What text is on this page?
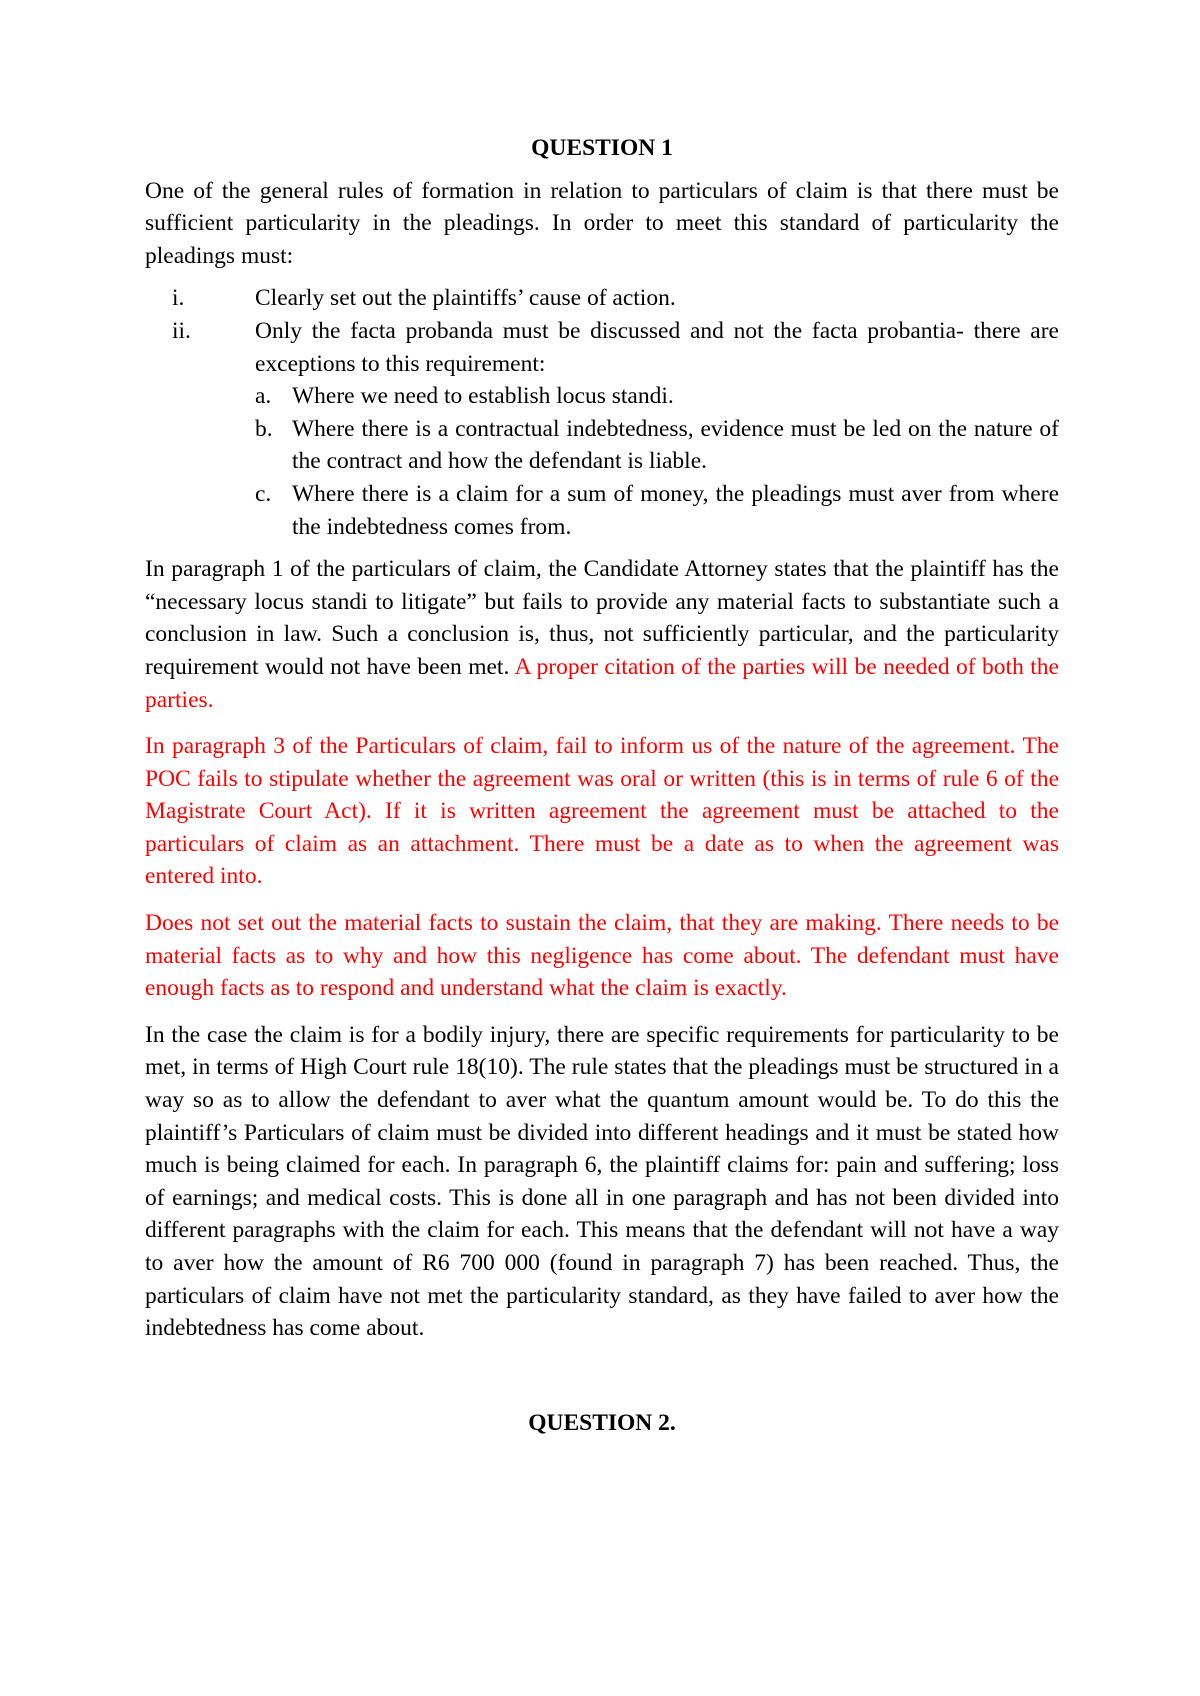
QUESTION 1

One of the general rules of formation in relation to particulars of claim is that there must be sufficient particularity in the pleadings. In order to meet this standard of particularity the pleadings must:

i.	Clearly set out the plaintiffs’ cause of action.
ii.	Only the facta probanda must be discussed and not the facta probantia- there are exceptions to this requirement:
a. Where we need to establish locus standi.
b. Where there is a contractual indebtedness, evidence must be led on the nature of the contract and how the defendant is liable.
c. Where there is a claim for a sum of money, the pleadings must aver from where the indebtedness comes from.

In paragraph 1 of the particulars of claim, the Candidate Attorney states that the plaintiff has the “necessary locus standi to litigate” but fails to provide any material facts to substantiate such a conclusion in law. Such a conclusion is, thus, not sufficiently particular, and the particularity requirement would not have been met. A proper citation of the parties will be needed of both the parties.

In paragraph 3 of the Particulars of claim, fail to inform us of the nature of the agreement. The POC fails to stipulate whether the agreement was oral or written (this is in terms of rule 6 of the Magistrate Court Act). If it is written agreement the agreement must be attached to the particulars of claim as an attachment. There must be a date as to when the agreement was entered into.

Does not set out the material facts to sustain the claim, that they are making. There needs to be material facts as to why and how this negligence has come about. The defendant must have enough facts as to respond and understand what the claim is exactly.

In the case the claim is for a bodily injury, there are specific requirements for particularity to be met, in terms of High Court rule 18(10). The rule states that the pleadings must be structured in a way so as to allow the defendant to aver what the quantum amount would be. To do this the plaintiff’s Particulars of claim must be divided into different headings and it must be stated how much is being claimed for each. In paragraph 6, the plaintiff claims for: pain and suffering; loss of earnings; and medical costs. This is done all in one paragraph and has not been divided into different paragraphs with the claim for each. This means that the defendant will not have a way to aver how the amount of R6 700 000 (found in paragraph 7) has been reached. Thus, the particulars of claim have not met the particularity standard, as they have failed to aver how the indebtedness has come about.

QUESTION 2.
